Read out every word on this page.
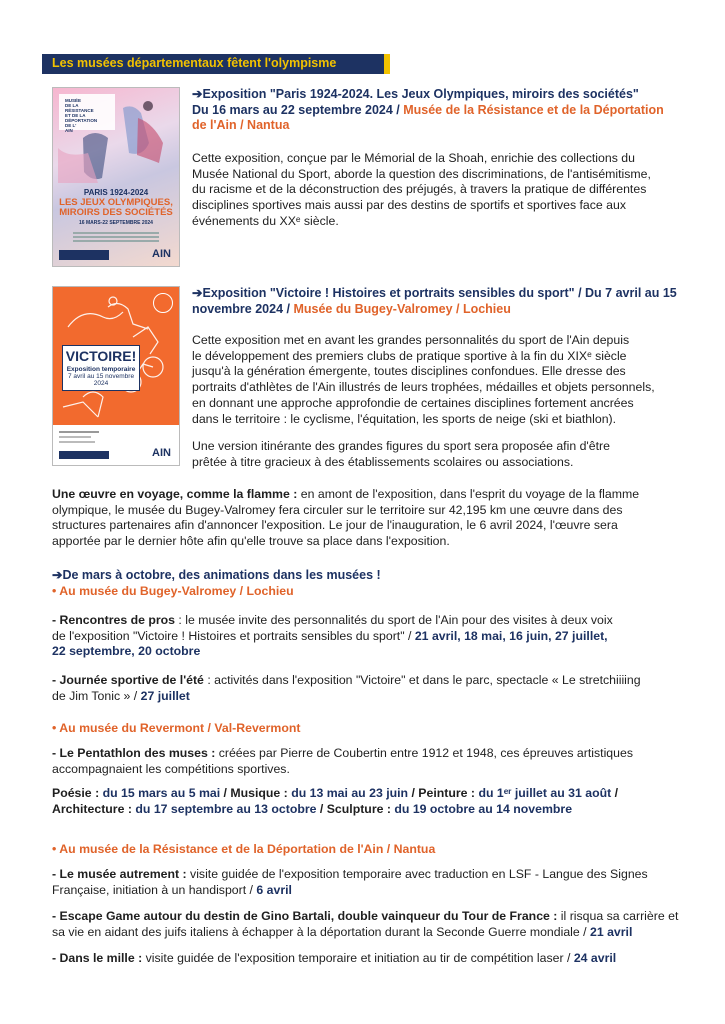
Les musées départementaux fêtent l'olympisme
MUSÉE
DE LA
RÉSISTANCE
ET DE LA
DÉPORTATION
DE L'
AIN
PARIS 1924-2024
LES JEUX OLYMPIQUES,
MIROIRS DES SOCIÉTÉS
16 MARS-22 SEPTEMBRE 2024
AIN
VICTOIRE!
Exposition temporaire
7 avril au 15 novembre 2024
AIN
➔Exposition "Paris 1924-2024. Les Jeux Olympiques, miroirs des sociétés"
Du 16 mars au 22 septembre 2024 / Musée de la Résistance et de la Déportation
de l'Ain / Nantua
Cette exposition, conçue par le Mémorial de la Shoah, enrichie des collections du
Musée National du Sport, aborde la question des discriminations, de l'antisémitisme,
du racisme et de la déconstruction des préjugés, à travers la pratique de différentes
disciplines sportives mais aussi par des destins de sportifs et sportives face aux
événements du XXᵉ siècle.
➔Exposition "Victoire ! Histoires et portraits sensibles du sport" / Du 7 avril au 15
novembre 2024 / Musée du Bugey-Valromey / Lochieu
Cette exposition met en avant les grandes personnalités du sport de l'Ain depuis
le développement des premiers clubs de pratique sportive à la fin du XIXᵉ siècle
jusqu'à la génération émergente, toutes disciplines confondues. Elle dresse des
portraits d'athlètes de l'Ain illustrés de leurs trophées, médailles et objets personnels,
en donnant une approche approfondie de certaines disciplines fortement ancrées
dans le territoire : le cyclisme, l'équitation, les sports de neige (ski et biathlon).
Une version itinérante des grandes figures du sport sera proposée afin d'être
prêtée à titre gracieux à des établissements scolaires ou associations.
Une œuvre en voyage, comme la flamme : en amont de l'exposition, dans l'esprit du voyage de la flamme
olympique, le musée du Bugey-Valromey fera circuler sur le territoire sur 42,195 km une œuvre dans des
structures partenaires afin d'annoncer l'exposition. Le jour de l'inauguration, le 6 avril 2024, l'œuvre sera
apportée par le dernier hôte afin qu'elle trouve sa place dans l'exposition.
➔De mars à octobre, des animations dans les musées !
• Au musée du Bugey-Valromey / Lochieu
- Rencontres de pros : le musée invite des personnalités du sport de l'Ain pour des visites à deux voix
de l'exposition "Victoire ! Histoires et portraits sensibles du sport" / 21 avril, 18 mai, 16 juin, 27 juillet,
22 septembre, 20 octobre
- Journée sportive de l'été : activités dans l'exposition "Victoire" et dans le parc, spectacle « Le stretchiiiing
de Jim Tonic » / 27 juillet
• Au musée du Revermont / Val-Revermont
- Le Pentathlon des muses : créées par Pierre de Coubertin entre 1912 et 1948, ces épreuves artistiques
accompagnaient les compétitions sportives.
Poésie : du 15 mars au 5 mai / Musique : du 13 mai au 23 juin / Peinture : du 1ᵉʳ juillet au 31 août /
Architecture : du 17 septembre au 13 octobre / Sculpture : du 19 octobre au 14 novembre
• Au musée de la Résistance et de la Déportation de l'Ain / Nantua
- Le musée autrement : visite guidée de l'exposition temporaire avec traduction en LSF - Langue des Signes
Française, initiation à un handisport / 6 avril
- Escape Game autour du destin de Gino Bartali, double vainqueur du Tour de France : il risqua sa carrière et
sa vie en aidant des juifs italiens à échapper à la déportation durant la Seconde Guerre mondiale / 21 avril
- Dans le mille : visite guidée de l'exposition temporaire et initiation au tir de compétition laser / 24 avril
